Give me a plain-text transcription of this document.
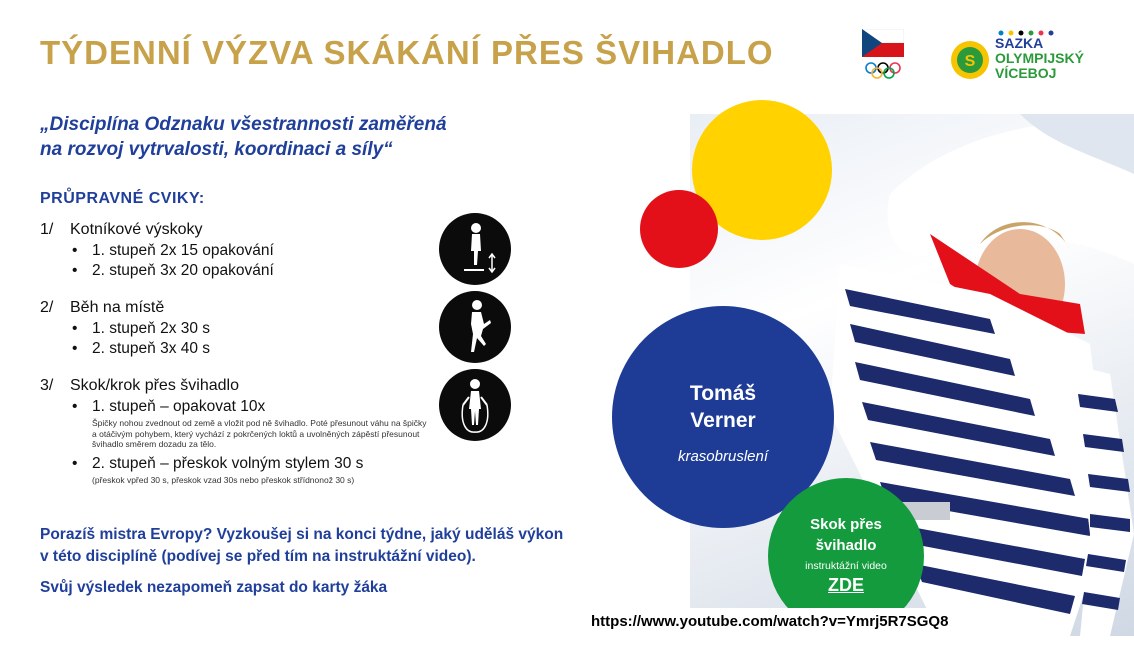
TÝDENNÍ VÝZVA SKÁKÁNÍ PŘES ŠVIHADLO	S
SAZKA
OLYMPIJSKÝ
VÍCEBOJ
„Disciplína Odznaku všestrannosti zaměřená
na rozvoj vytrvalosti, koordinaci a síly“
PRŮPRAVNÉ CVIKY:
1/ Kotníkové výskoky
• 1. stupeň 2x 15 opakování
• 2. stupeň 3x 20 opakování
2/ Běh na místě
• 1. stupeň 2x 30 s
• 2. stupeň 3x 40 s
3/ Skok/krok přes švihadlo
• 1. stupeň – opakovat 10x
Špičky nohou zvednout od země a vložit pod ně švihadlo. Poté přesunout váhu na špičky a otáčivým pohybem, který vychází z pokrčených loktů a uvolněných zápěstí přesunout švihadlo směrem dozadu za tělo.
• 2. stupeň – přeskok volným stylem 30 s
(přeskok vpřed 30 s, přeskok vzad 30s nebo přeskok střídnonož 30 s)
Porazíš mistra Evropy? Vyzkoušej si na konci týdne, jaký uděláš výkon
v této disciplíně (podívej se před tím na instruktážní video).
Svůj výsledek nezapomeň zapsat do karty žáka
Tomáš
Verner
krasobruslení
Skok přes
švihadlo
instruktážní video
ZDE
https://www.youtube.com/watch?v=Ymrj5R7SGQ8
